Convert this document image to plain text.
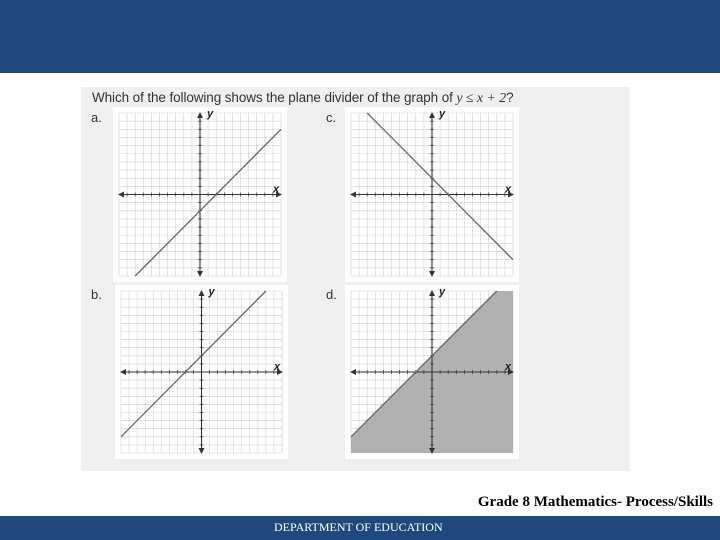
Which of the following shows the plane divider of the graph of y ≤ x + 2?
a.	c.
b.	d.
x
y
x
y
x
y
x
y
Grade 8 Mathematics- Process/Skills
DEPARTMENT OF EDUCATION
